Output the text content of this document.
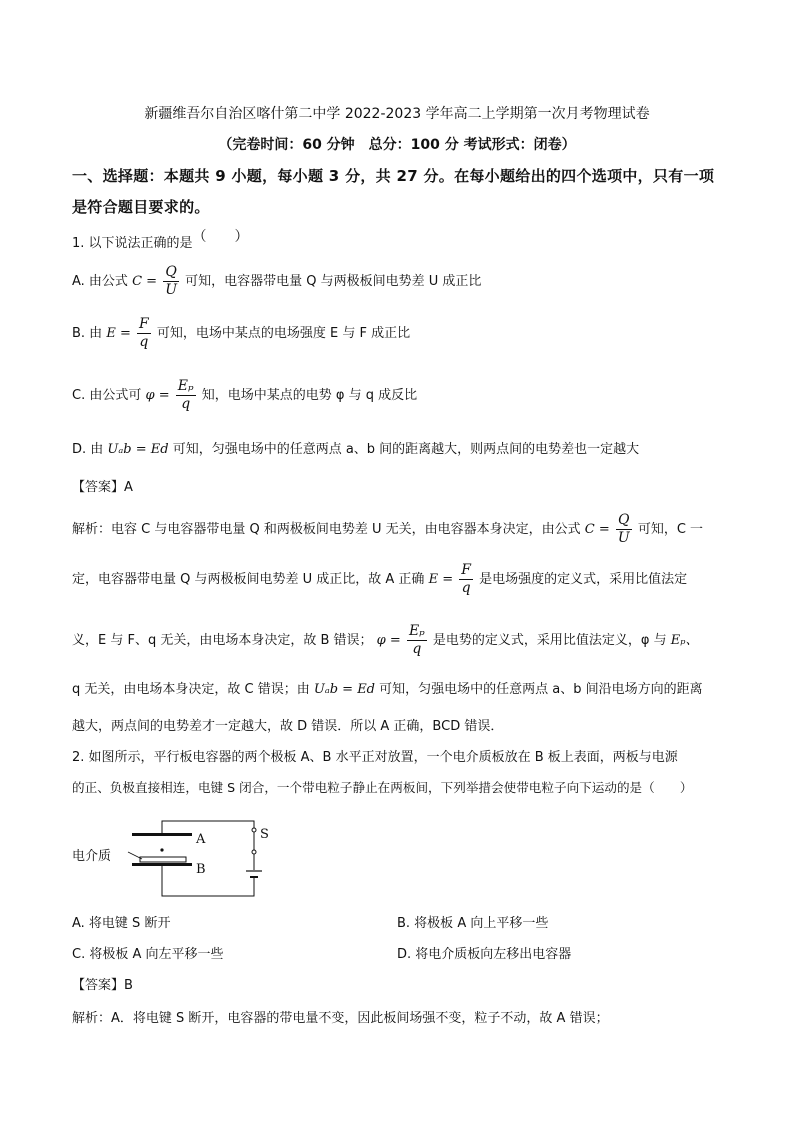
新疆维吾尔自治区喀什第二中学 2022-2023 学年高二上学期第一次月考物理试卷
（完卷时间：60 分钟　总分：100 分 考试形式：闭卷）
一、选择题：本题共 9 小题，每小题 3 分，共 27 分。在每小题给出的四个选项中，只有一项
是符合题目要求的。
1. 以下说法正确的是（　　）
A. 由公式 $C = \frac{Q}{U}$ 可知，电容器带电量 Q 与两极板间电势差 U 成正比
B. 由 $E = \frac{F}{q}$ 可知，电场中某点的电场强度 E 与 F 成正比
C. 由公式可 $\varphi = \frac{\text{Eₚ}}{q}$ 知，电场中某点的电势 φ 与 q 成反比
D. 由 Uₐb = Ed 可知，匀强电场中的任意两点 a、b 间的距离越大，则两点间的电势差也一定越大
【答案】A
解析：电容 C 与电容器带电量 Q 和两极板间电势差 U 无关，由电容器本身决定，由公式 $C = \frac{Q}{U}$ 可知，C 一
定，电容器带电量 Q 与两极板间电势差 U 成正比，故 A 正确 $E = \frac{F}{q}$ 是电场强度的定义式，采用比值法定
义，E 与 F、q 无关，由电场本身决定，故 B 错误； $\varphi = \frac{\text{Eₚ}}{q}$ 是电势的定义式，采用比值法定义，φ 与 Eₚ、
q 无关，由电场本身决定，故 C 错误；由 Uₐb = Ed 可知，匀强电场中的任意两点 a、b 间沿电场方向的距离
越大，两点间的电势差才一定越大，故 D 错误．所以 A 正确，BCD 错误．
2. 如图所示，平行板电容器的两个极板 A、B 水平正对放置，一个电介质板放在 B 板上表面，两板与电源
的正、负极直接相连，电键 S 闭合，一个带电粒子静止在两板间，下列举措会使带电粒子向下运动的是（　　）
电介质
A
B
S
A. 将电键 S 断开	B. 将极板 A 向上平移一些
C. 将极板 A 向左平移一些	D. 将电介质板向左移出电容器
【答案】B
解析：A．将电键 S 断开，电容器的带电量不变，因此板间场强不变，粒子不动，故 A 错误；
